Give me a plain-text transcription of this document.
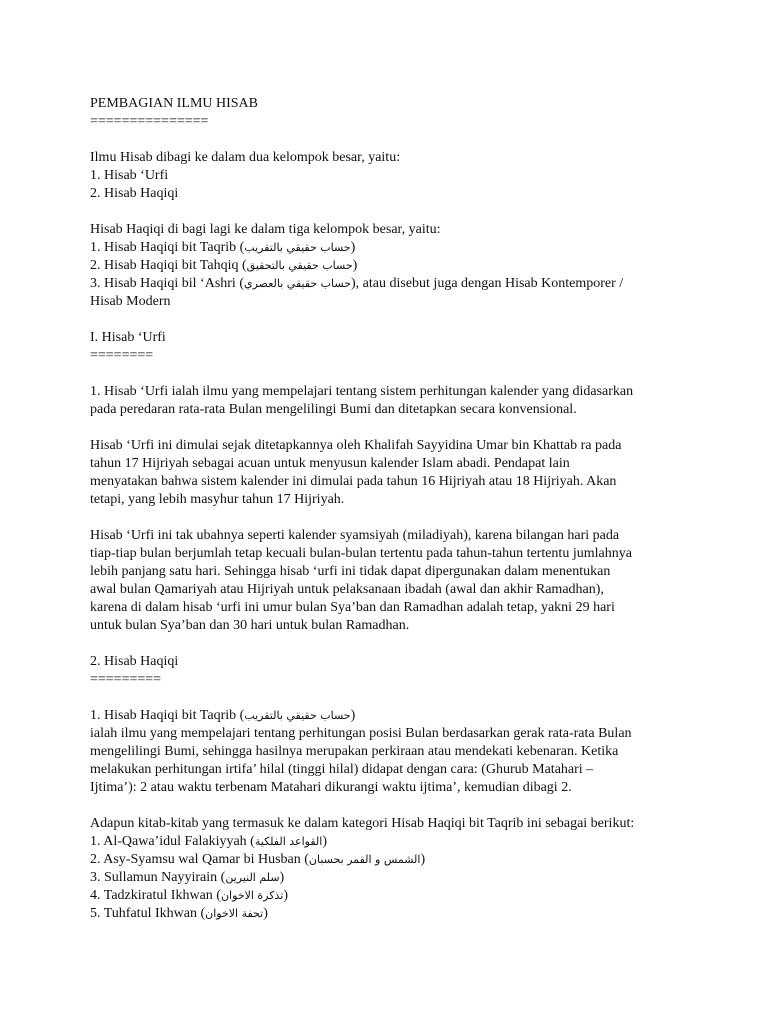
PEMBAGIAN ILMU HISAB
===============
Ilmu Hisab dibagi ke dalam dua kelompok besar, yaitu:
1. Hisab ‘Urfi
2. Hisab Haqiqi
Hisab Haqiqi di bagi lagi ke dalam tiga kelompok besar, yaitu:
1. Hisab Haqiqi bit Taqrib (حساب حقيقي بالتقريب)
2. Hisab Haqiqi bit Tahqiq (حساب حقيقي بالتحقيق)
3. Hisab Haqiqi bil ‘Ashri (حساب حقيقي بالعصري), atau disebut juga dengan Hisab Kontemporer /
Hisab Modern
I. Hisab ‘Urfi
========
1. Hisab ‘Urfi ialah ilmu yang mempelajari tentang sistem perhitungan kalender yang didasarkan
pada peredaran rata-rata Bulan mengelilingi Bumi dan ditetapkan secara konvensional.
Hisab ‘Urfi ini dimulai sejak ditetapkannya oleh Khalifah Sayyidina Umar bin Khattab ra pada
tahun 17 Hijriyah sebagai acuan untuk menyusun kalender Islam abadi. Pendapat lain
menyatakan bahwa sistem kalender ini dimulai pada tahun 16 Hijriyah atau 18 Hijriyah. Akan
tetapi, yang lebih masyhur tahun 17 Hijriyah.
Hisab ‘Urfi ini tak ubahnya seperti kalender syamsiyah (miladiyah), karena bilangan hari pada
tiap-tiap bulan berjumlah tetap kecuali bulan-bulan tertentu pada tahun-tahun tertentu jumlahnya
lebih panjang satu hari. Sehingga hisab ‘urfi ini tidak dapat dipergunakan dalam menentukan
awal bulan Qamariyah atau Hijriyah untuk pelaksanaan ibadah (awal dan akhir Ramadhan),
karena di dalam hisab ‘urfi ini umur bulan Sya’ban dan Ramadhan adalah tetap, yakni 29 hari
untuk bulan Sya’ban dan 30 hari untuk bulan Ramadhan.
2. Hisab Haqiqi
=========
1. Hisab Haqiqi bit Taqrib (حساب حقيقي بالتقريب)
ialah ilmu yang mempelajari tentang perhitungan posisi Bulan berdasarkan gerak rata-rata Bulan
mengelilingi Bumi, sehingga hasilnya merupakan perkiraan atau mendekati kebenaran. Ketika
melakukan perhitungan irtifa’ hilal (tinggi hilal) didapat dengan cara: (Ghurub Matahari –
Ijtima’): 2 atau waktu terbenam Matahari dikurangi waktu ijtima’, kemudian dibagi 2.
Adapun kitab-kitab yang termasuk ke dalam kategori Hisab Haqiqi bit Taqrib ini sebagai berikut:
1. Al-Qawa’idul Falakiyyah (القواعد الفلكية)
2. Asy-Syamsu wal Qamar bi Husban (الشمس و القمر بحسبان)
3. Sullamun Nayyirain (سلم النيرين)
4. Tadzkiratul Ikhwan (تذكرة الاخوان)
5. Tuhfatul Ikhwan (تحفة الاخوان)
